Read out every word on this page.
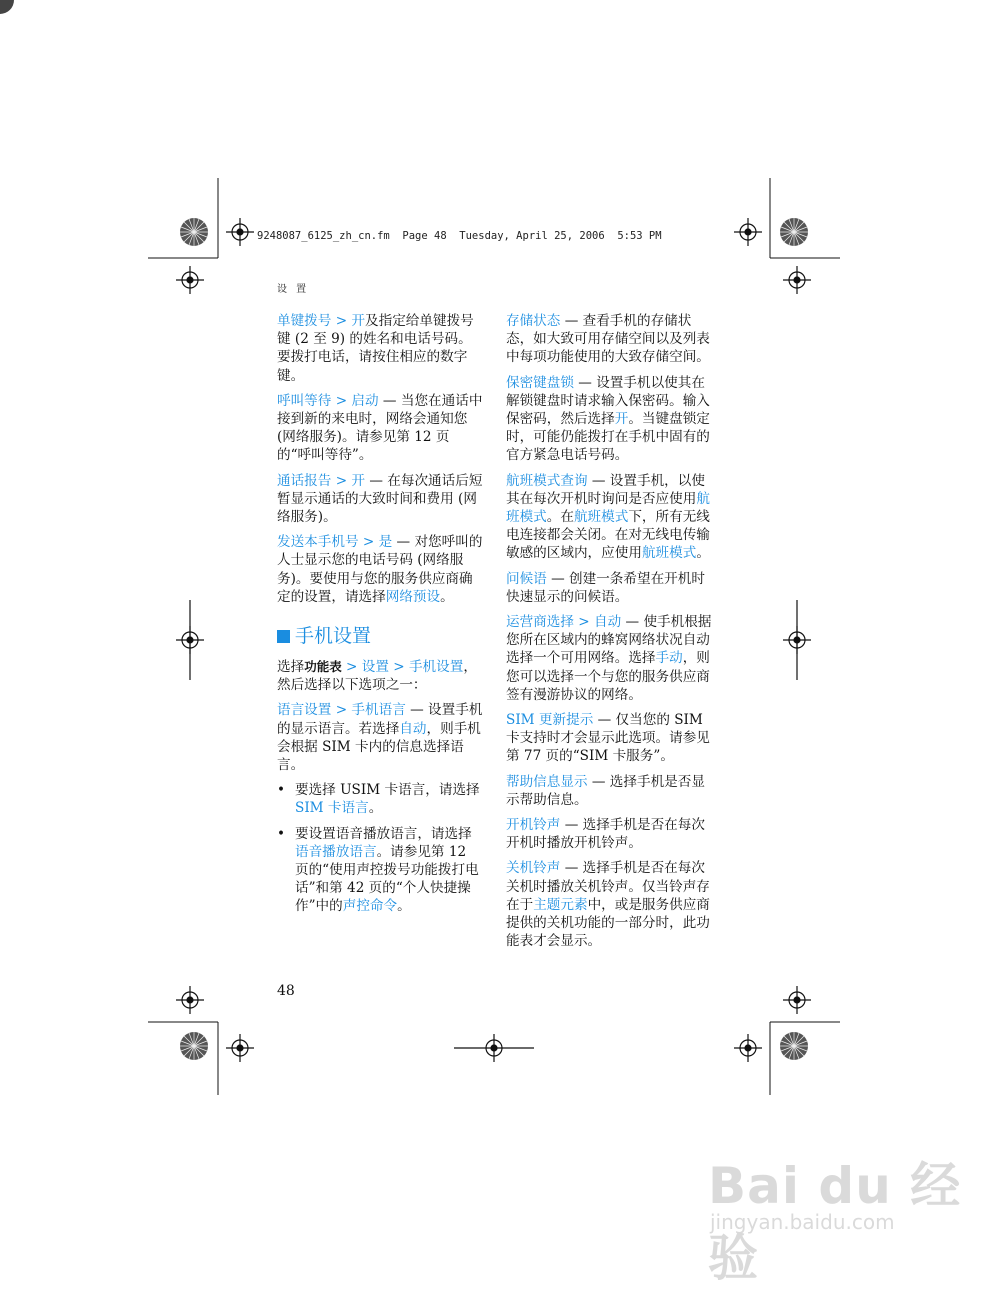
9248087_6125_zh_cn.fm  Page 48  Tuesday, April 25, 2006  5:53 PM
设 置

单键拨号 > 开及指定给单键拨号键 (2 至 9) 的姓名和电话号码。要拨打电话，请按住相应的数字键。

呼叫等待 > 启动 — 当您在通话中接到新的来电时，网络会通知您 (网络服务)。请参见第 12 页的“呼叫等待”。

通话报告 > 开 — 在每次通话后短暂显示通话的大致时间和费用 (网络服务)。

发送本手机号 > 是 — 对您呼叫的人士显示您的电话号码 (网络服务)。要使用与您的服务供应商确定的设置，请选择网络预设。

手机设置

选择功能表 > 设置 > 手机设置，然后选择以下选项之一：

语言设置 > 手机语言 — 设置手机的显示语言。若选择自动，则手机会根据 SIM 卡内的信息选择语言。

• 要选择 USIM 卡语言，请选择SIM 卡语言。
• 要设置语音播放语言，请选择语音播放语言。请参见第 12 页的“使用声控拨号功能拨打电话”和第 42 页的“个人快捷操作”中的声控命令。

存储状态 — 查看手机的存储状态，如大致可用存储空间以及列表中每项功能使用的大致存储空间。

保密键盘锁 — 设置手机以使其在解锁键盘时请求输入保密码。输入保密码，然后选择开。当键盘锁定时，可能仍能拨打在手机中固有的官方紧急电话号码。

航班模式查询 — 设置手机，以使其在每次开机时询问是否应使用航班模式。在航班模式下，所有无线电连接都会关闭。在对无线电传输敏感的区域内，应使用航班模式。

问候语 — 创建一条希望在开机时快速显示的问候语。

运营商选择 > 自动 — 使手机根据您所在区域内的蜂窝网络状况自动选择一个可用网络。选择手动，则您可以选择一个与您的服务供应商签有漫游协议的网络。

SIM 更新提示 — 仅当您的 SIM 卡支持时才会显示此选项。请参见第 77 页的“SIM 卡服务”。

帮助信息显示 — 选择手机是否显示帮助信息。

开机铃声 — 选择手机是否在每次开机时播放开机铃声。

关机铃声 — 选择手机是否在每次关机时播放关机铃声。仅当铃声存在于主题元素中，或是服务供应商提供的关机功能的一部分时，此功能表才会显示。

48
Bai du 经验
jingyan.baidu.com
